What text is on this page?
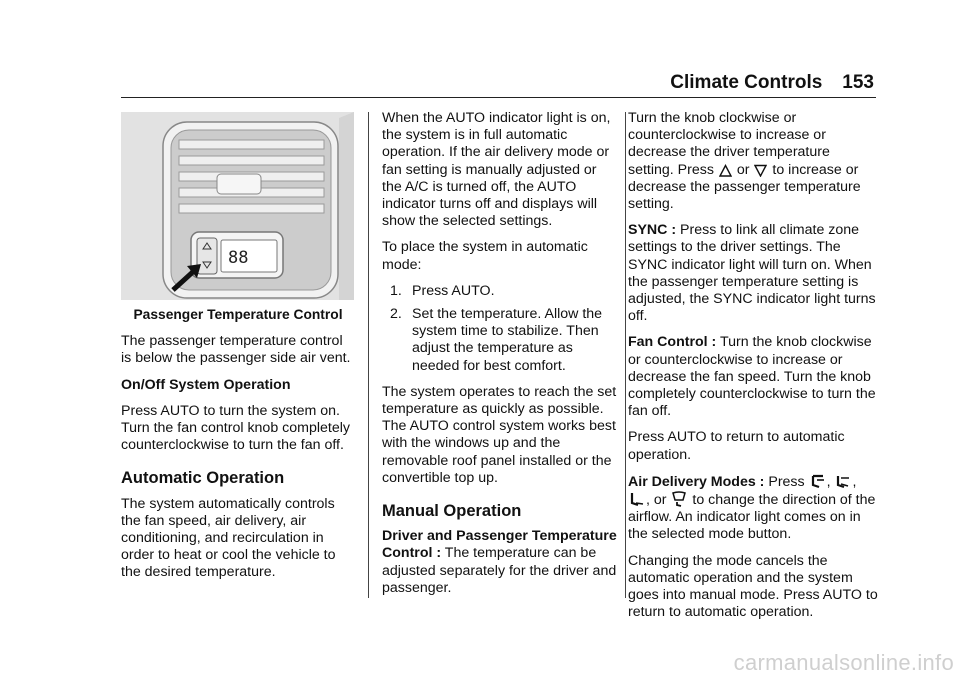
Climate Controls 153
88
Passenger Temperature Control

The passenger temperature control is below the passenger side air vent.

On/Off System Operation

Press AUTO to turn the system on. Turn the fan control knob completely counterclockwise to turn the fan off.

Automatic Operation

The system automatically controls the fan speed, air delivery, air conditioning, and recirculation in order to heat or cool the vehicle to the desired temperature.

When the AUTO indicator light is on, the system is in full automatic operation. If the air delivery mode or fan setting is manually adjusted or the A/C is turned off, the AUTO indicator turns off and displays will show the selected settings.

To place the system in automatic mode:

1. Press AUTO.
2. Set the temperature. Allow the system time to stabilize. Then adjust the temperature as needed for best comfort.

The system operates to reach the set temperature as quickly as possible. The AUTO control system works best with the windows up and the removable roof panel installed or the convertible top up.

Manual Operation

Driver and Passenger Temperature Control : The temperature can be adjusted separately for the driver and passenger.

Turn the knob clockwise or counterclockwise to increase or decrease the driver temperature setting. Press or to increase or decrease the passenger temperature setting.

SYNC : Press to link all climate zone settings to the driver settings. The SYNC indicator light will turn on. When the passenger temperature setting is adjusted, the SYNC indicator light turns off.

Fan Control : Turn the knob clockwise or counterclockwise to increase or decrease the fan speed. Turn the knob completely counterclockwise to turn the fan off.

Press AUTO to return to automatic operation.

Air Delivery Modes : Press , , , or to change the direction of the airflow. An indicator light comes on in the selected mode button.

Changing the mode cancels the automatic operation and the system goes into manual mode. Press AUTO to return to automatic operation.

carmanualsonline.info
